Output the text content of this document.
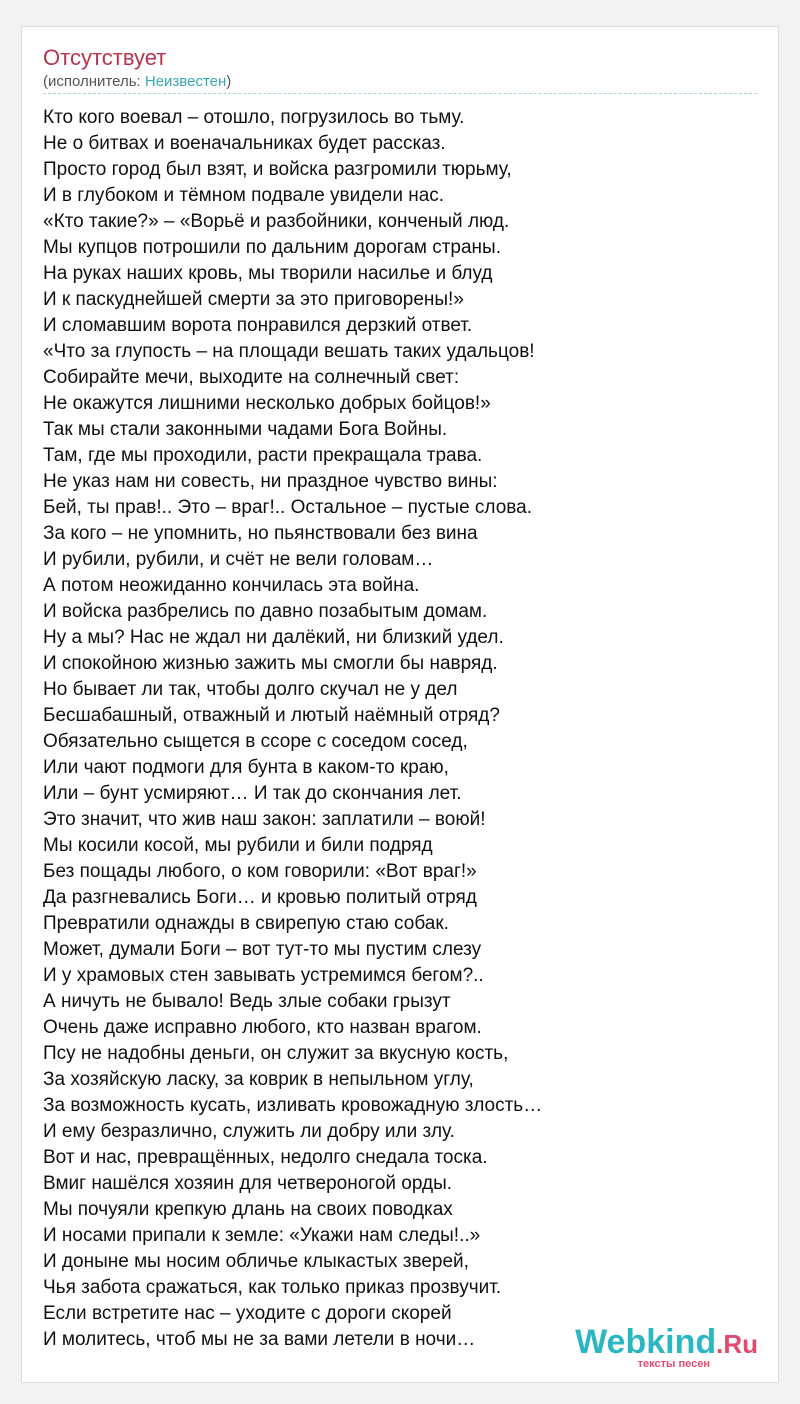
Отсутствует
(исполнитель: Неизвестен)
Кто кого воевал – отошло, погрузилось во тьму.
Не о битвах и военачальниках будет рассказ.
Просто город был взят, и войска разгромили тюрьму,
И в глубоком и тёмном подвале увидели нас.
«Кто такие?» – «Ворьё и разбойники, конченый люд.
Мы купцов потрошили по дальним дорогам страны.
На руках наших кровь, мы творили насилье и блуд
И к паскуднейшей смерти за это приговорены!»
И сломавшим ворота понравился дерзкий ответ.
«Что за глупость – на площади вешать таких удальцов!
Собирайте мечи, выходите на солнечный свет:
Не окажутся лишними несколько добрых бойцов!»
Так мы стали законными чадами Бога Войны.
Там, где мы проходили, расти прекращала трава.
Не указ нам ни совесть, ни праздное чувство вины:
Бей, ты прав!.. Это – враг!.. Остальное – пустые слова.
За кого – не упомнить, но пьянствовали без вина
И рубили, рубили, и счёт не вели головам…
А потом неожиданно кончилась эта война.
И войска разбрелись по давно позабытым домам.
Ну а мы? Нас не ждал ни далёкий, ни близкий удел.
И спокойною жизнью зажить мы смогли бы навряд.
Но бывает ли так, чтобы долго скучал не у дел
Бесшабашный, отважный и лютый наёмный отряд?
Обязательно сыщется в ссоре с соседом сосед,
Или чают подмоги для бунта в каком-то краю,
Или – бунт усмиряют… И так до скончания лет.
Это значит, что жив наш закон: заплатили – воюй!
Мы косили косой, мы рубили и били подряд
Без пощады любого, о ком говорили: «Вот враг!»
Да разгневались Боги… и кровью политый отряд
Превратили однажды в свирепую стаю собак.
Может, думали Боги – вот тут-то мы пустим слезу
И у храмовых стен завывать устремимся бегом?..
А ничуть не бывало! Ведь злые собаки грызут
Очень даже исправно любого, кто назван врагом.
Псу не надобны деньги, он служит за вкусную кость,
За хозяйскую ласку, за коврик в непыльном углу,
За возможность кусать, изливать кровожадную злость…
И ему безразлично, служить ли добру или злу.
Вот и нас, превращённых, недолго снедала тоска.
Вмиг нашёлся хозяин для четвероногой орды.
Мы почуяли крепкую длань на своих поводках
И носами припали к земле: «Укажи нам следы!..»
И доныне мы носим обличье клыкастых зверей,
Чья забота сражаться, как только приказ прозвучит.
Если встретите нас – уходите с дороги скорей
И молитесь, чтоб мы не за вами летели в ночи…	Webkind.Ru
тексты песен
